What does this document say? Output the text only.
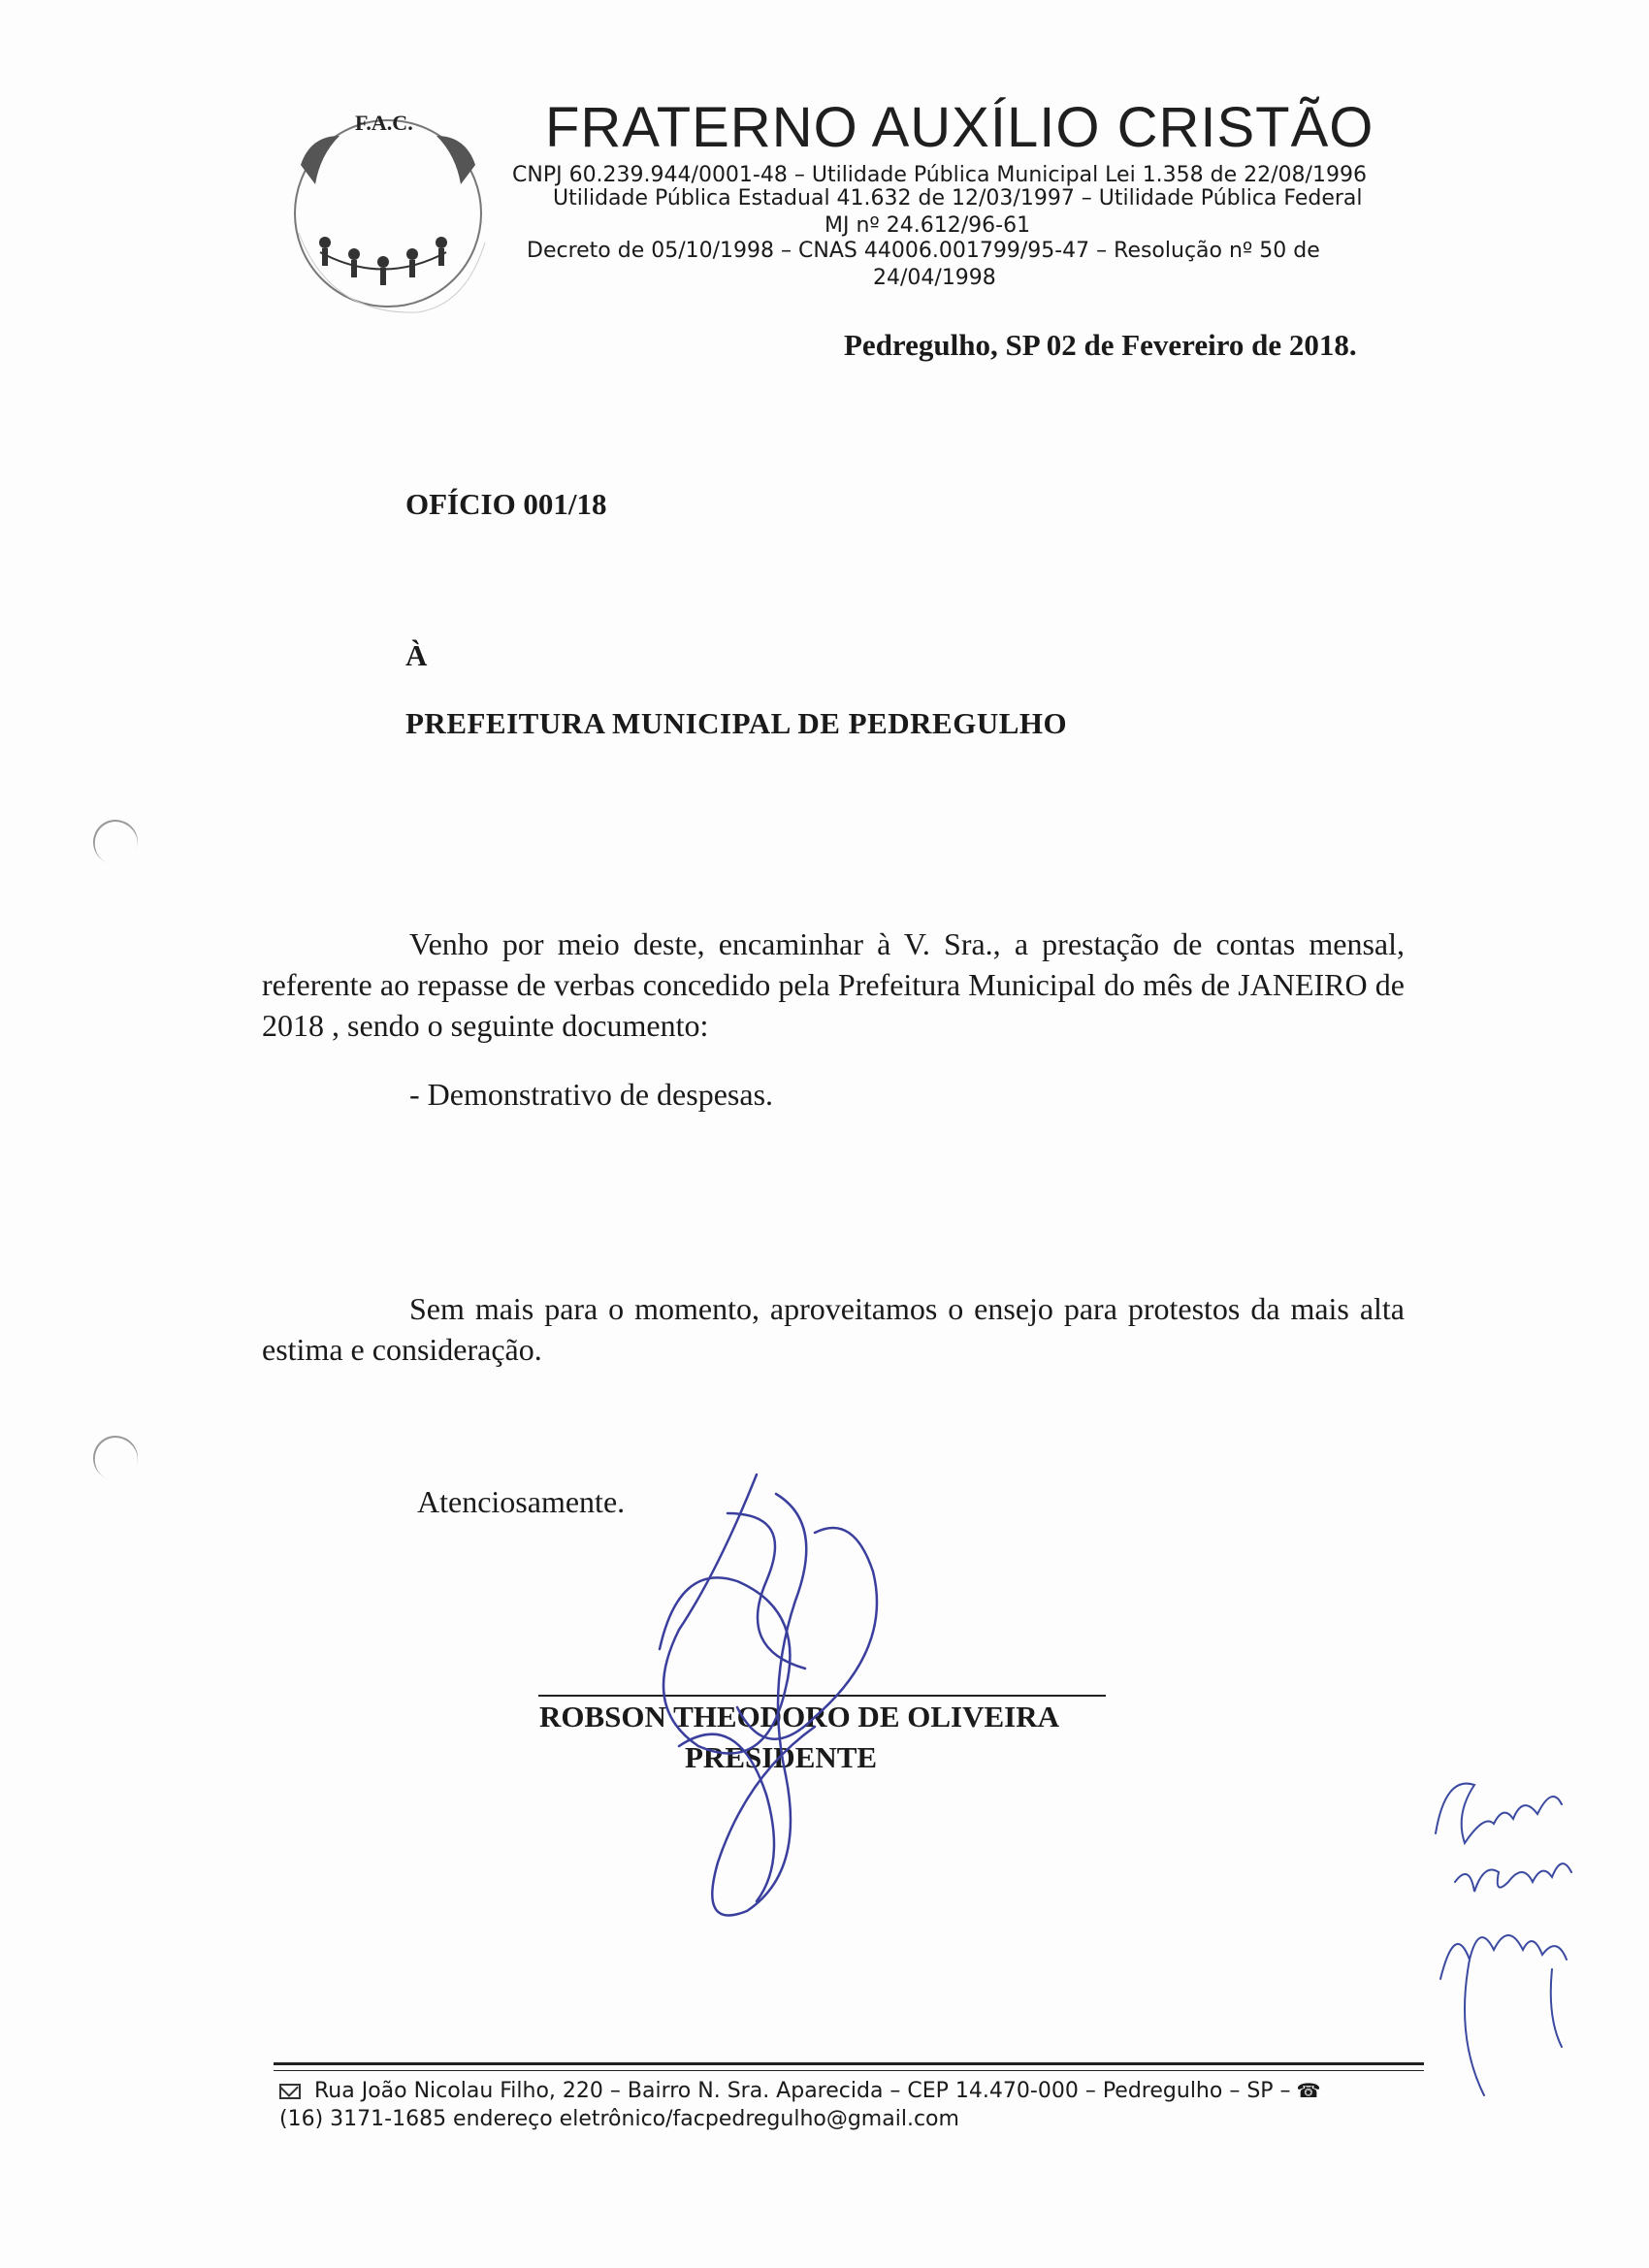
F.A.C. FRATERNO AUXÍLIO CRISTÃO
CNPJ 60.239.944/0001-48 – Utilidade Pública Municipal Lei 1.358 de 22/08/1996
Utilidade Pública Estadual 41.632 de 12/03/1997 – Utilidade Pública Federal
MJ nº 24.612/96-61
Decreto de 05/10/1998 – CNAS 44006.001799/95-47 – Resolução nº 50 de
24/04/1998
Pedregulho, SP 02 de Fevereiro de 2018.
OFÍCIO 001/18
À
PREFEITURA MUNICIPAL DE PEDREGULHO
Venho por meio deste, encaminhar à V. Sra., a prestação de contas mensal, referente ao repasse de verbas concedido pela Prefeitura Municipal do mês de JANEIRO de 2018 , sendo o seguinte documento:
- Demonstrativo de despesas.
Sem mais para o momento, aproveitamos o ensejo para protestos da mais alta estima e consideração.
Atenciosamente.
ROBSON THEODORO DE OLIVEIRA
PRESIDENTE
Recebi em 28/02/18
Rua João Nicolau Filho, 220 – Bairro N. Sra. Aparecida – CEP 14.470-000 – Pedregulho – SP – ☎
(16) 3171-1685 endereço eletrônico/facpedregulho@gmail.com
